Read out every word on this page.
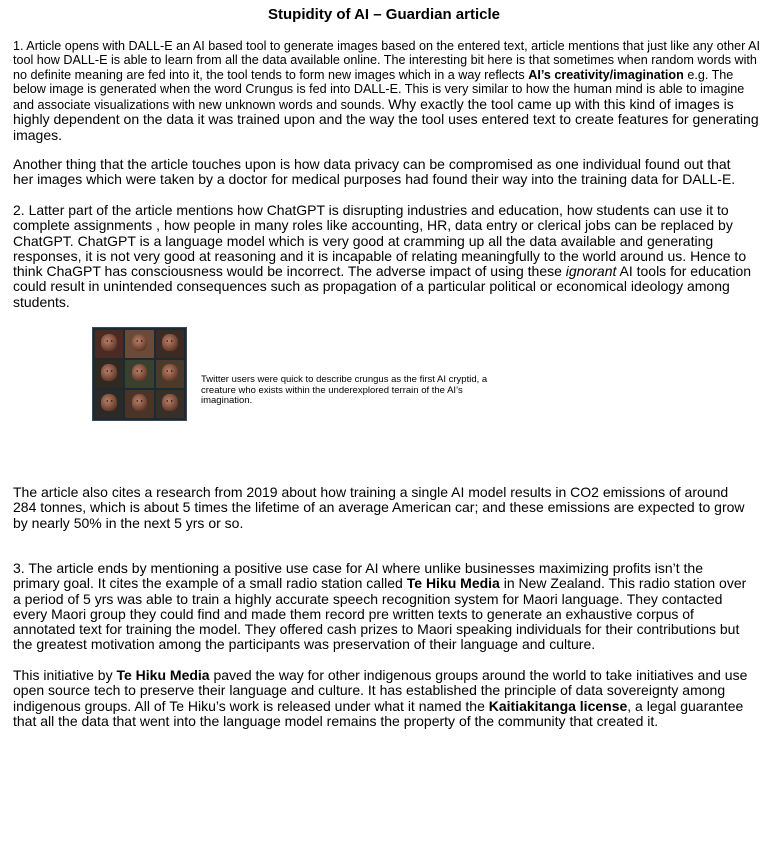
Stupidity of AI – Guardian article

1. Article opens with DALL-E an AI based tool to generate images based on the entered text, article mentions that just like any other AI tool how DALL-E is able to learn from all the data available online. The interesting bit here is that sometimes when random words with no definite meaning are fed into it, the tool tends to form new images which in a way reflects AI’s creativity/imagination e.g. The below image is generated when the word Crungus is fed into DALL-E. This is very similar to how the human mind is able to imagine and associate visualizations with new unknown words and sounds. Why exactly the tool came up with this kind of images is highly dependent on the data it was trained upon and the way the tool uses entered text to create features for generating images.

Another thing that the article touches upon is how data privacy can be compromised as one individual found out that her images which were taken by a doctor for medical purposes had found their way into the training data for DALL-E.

2. Latter part of the article mentions how ChatGPT is disrupting industries and education, how students can use it to complete assignments , how people in many roles like accounting, HR, data entry or clerical jobs can be replaced by ChatGPT. ChatGPT is a language model which is very good at cramming up all the data available and generating responses, it is not very good at reasoning and it is incapable of relating meaningfully to the world around us. Hence to think ChaGPT has consciousness would be incorrect. The adverse impact of using these ignorant AI tools for education could result in unintended consequences such as propagation of a particular political or economical ideology among students.

Twitter users were quick to describe crungus as the first AI cryptid, a creature who exists within the underexplored terrain of the AI’s imagination.

The article also cites a research from 2019 about how training a single AI model results in CO2 emissions of around 284 tonnes, which is about 5 times the lifetime of an average American car; and these emissions are expected to grow by nearly 50% in the next 5 yrs or so.

3. The article ends by mentioning a positive use case for AI where unlike businesses maximizing profits isn’t the primary goal. It cites the example of a small radio station called Te Hiku Media in New Zealand. This radio station over a period of 5 yrs was able to train a highly accurate speech recognition system for Maori language. They contacted every Maori group they could find and made them record pre written texts to generate an exhaustive corpus of annotated text for training the model. They offered cash prizes to Maori speaking individuals for their contributions but the greatest motivation among the participants was preservation of their language and culture.

This initiative by Te Hiku Media paved the way for other indigenous groups around the world to take initiatives and use open source tech to preserve their language and culture. It has established the principle of data sovereignty among indigenous groups. All of Te Hiku’s work is released under what it named the Kaitiakitanga license, a legal guarantee that all the data that went into the language model remains the property of the community that created it.
